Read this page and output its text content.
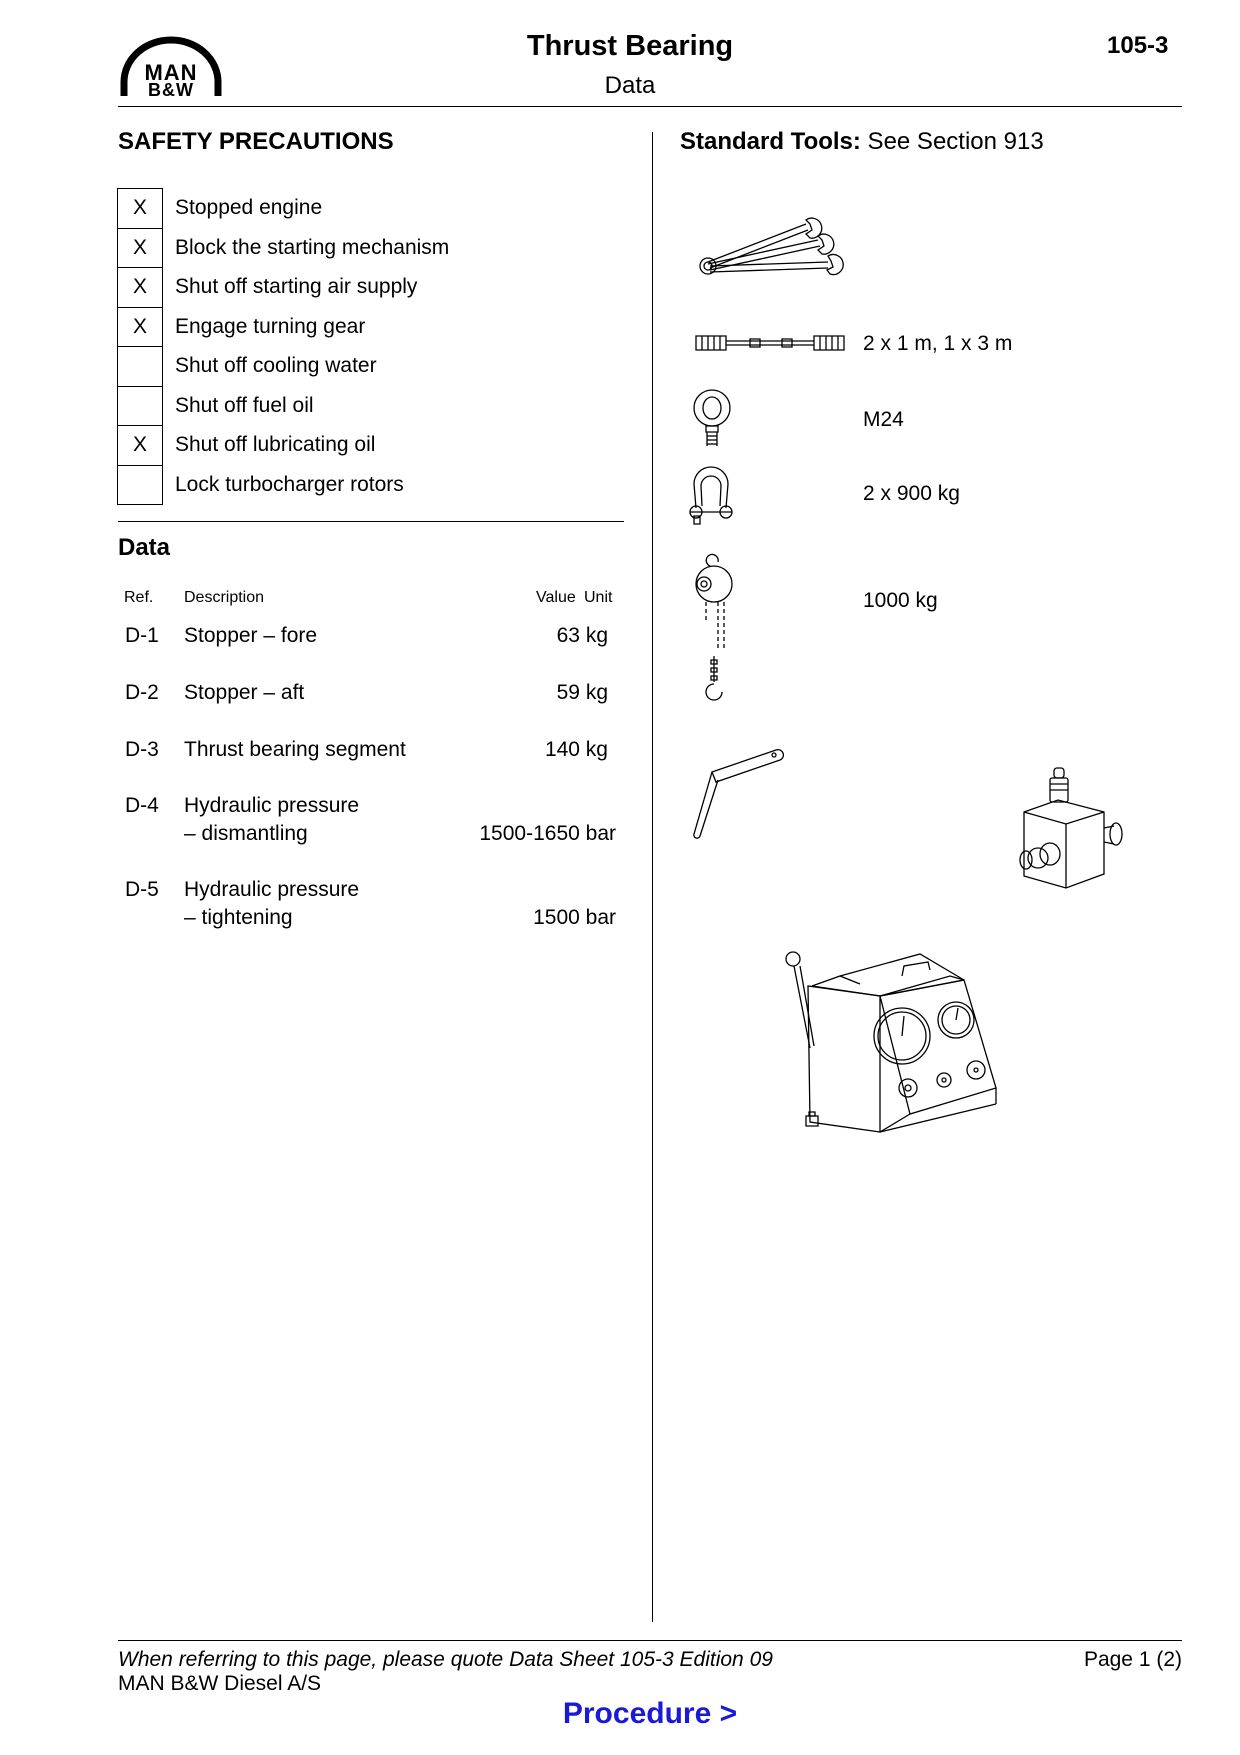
MAN
B&W
Thrust Bearing
Data
105-3
SAFETY PRECAUTIONS
X	Stopped engine
X	Block the starting mechanism
X	Shut off starting air supply
X	Engage turning gear
	Shut off cooling water
	Shut off fuel oil
X	Shut off lubricating oil
	Lock turbocharger rotors
Data
Ref. Description	Value Unit
D-1 Stopper – fore	63 kg
D-2 Stopper – aft	59 kg
D-3 Thrust bearing segment	140 kg
D-4 Hydraulic pressure
– dismantling	1500-1650 bar
D-5 Hydraulic pressure
– tightening	1500 bar
Standard Tools: See Section 913
2 x 1 m, 1 x 3 m
M24
2 x 900 kg
1000 kg
When referring to this page, please quote Data Sheet 105-3 Edition 09
MAN B&W Diesel A/S
Page 1 (2)
Procedure >
